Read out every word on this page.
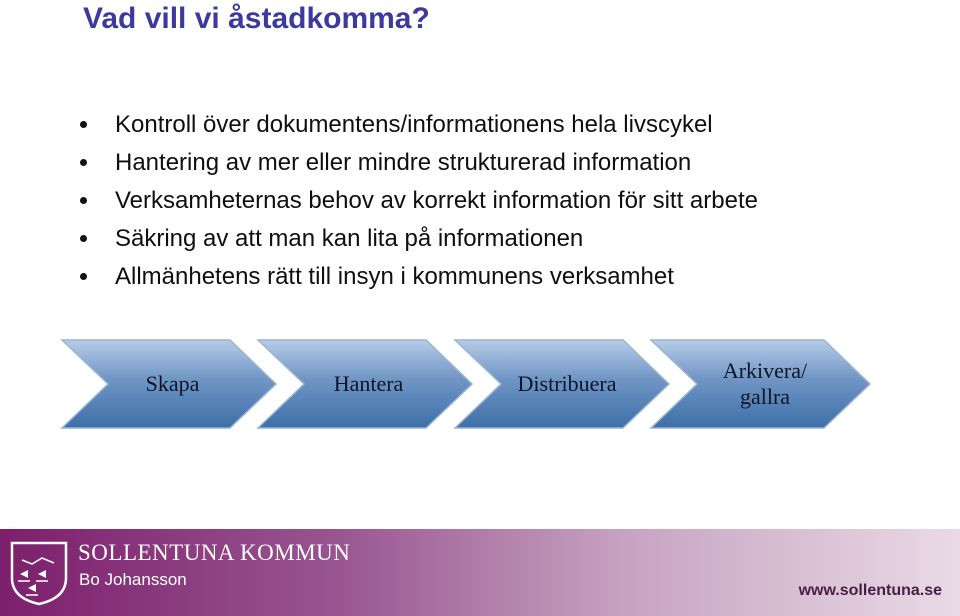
Vad vill vi åstadkomma?
Kontroll över dokumentens/informationens hela livscykel
Hantering av mer eller mindre strukturerad information
Verksamheternas behov av korrekt information för sitt arbete
Säkring av att man kan lita på informationen
Allmänhetens rätt till insyn i kommunens verksamhet
Skapa	Hantera	Distribuera
Arkivera/
gallra
SOLLENTUNA KOMMUN
Bo Johansson
www.sollentuna.se
